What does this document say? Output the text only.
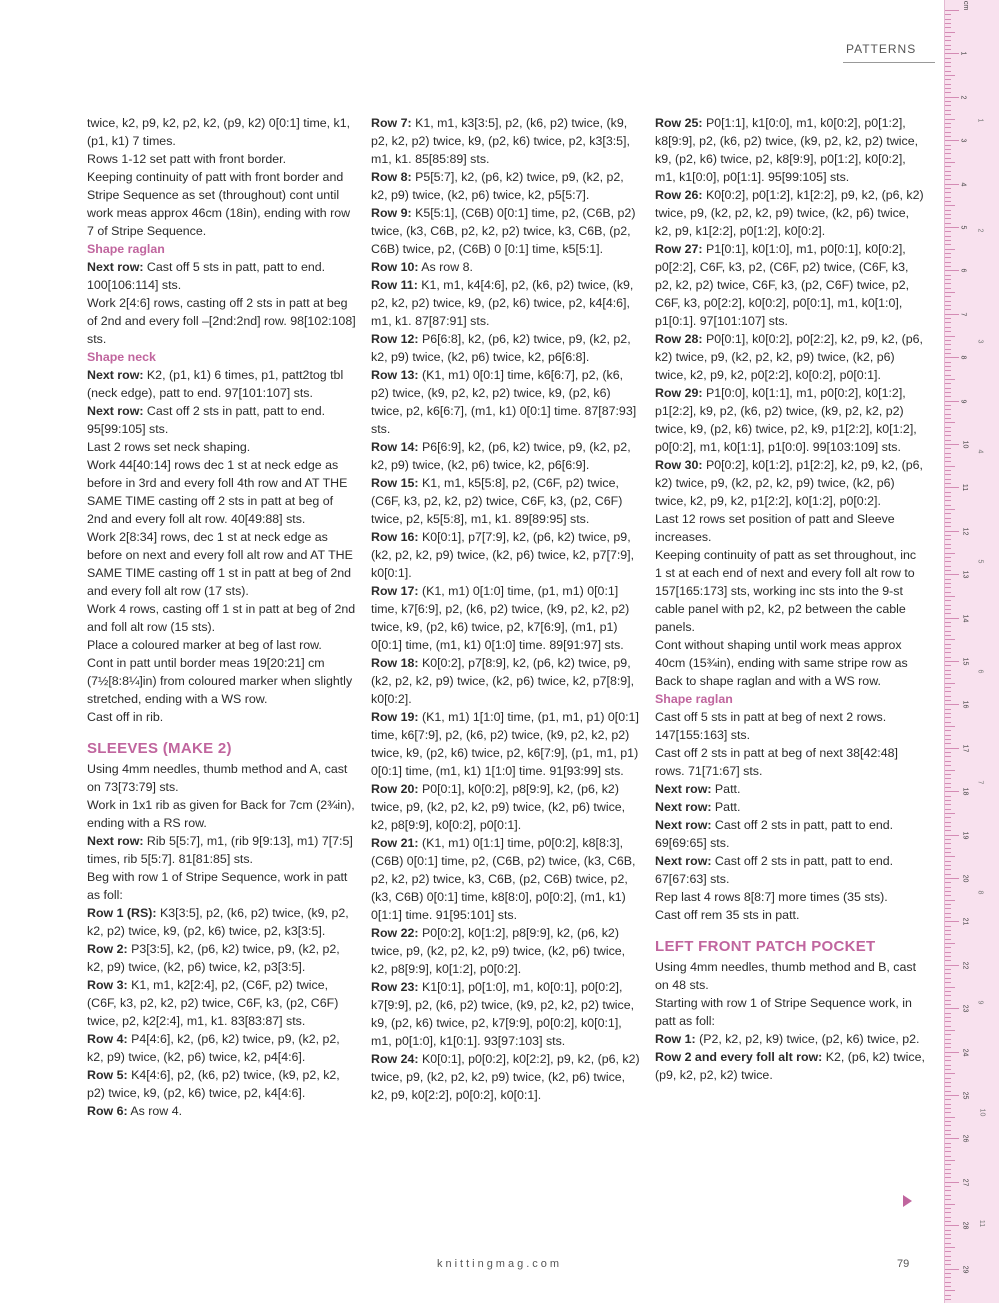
PATTERNS

twice, k2, p9, k2, p2, k2, (p9, k2) 0[0:1] time, k1, (p1, k1) 7 times.

Rows 1-12 set patt with front border.

Keeping continuity of patt with front border and Stripe Sequence as set (throughout) cont until work meas approx 46cm (18in), ending with row 7 of Stripe Sequence.

Shape raglan

Next row: Cast off 5 sts in patt, patt to end. 100[106:114] sts.

Work 2[4:6] rows, casting off 2 sts in patt at beg of 2nd and every foll –[2nd:2nd] row. 98[102:108] sts.

Shape neck

Next row: K2, (p1, k1) 6 times, p1, patt2tog tbl (neck edge), patt to end. 97[101:107] sts.

Next row: Cast off 2 sts in patt, patt to end. 95[99:105] sts.

Last 2 rows set neck shaping.

Work 44[40:14] rows dec 1 st at neck edge as before in 3rd and every foll 4th row and AT THE SAME TIME casting off 2 sts in patt at beg of 2nd and every foll alt row. 40[49:88] sts.

Work 2[8:34] rows, dec 1 st at neck edge as before on next and every foll alt row and AT THE SAME TIME casting off 1 st in patt at beg of 2nd and every foll alt row (17 sts).

Work 4 rows, casting off 1 st in patt at beg of 2nd and foll alt row (15 sts).

Place a coloured marker at beg of last row.

Cont in patt until border meas 19[20:21] cm (7½[8:8¼]in) from coloured marker when slightly stretched, ending with a WS row.

Cast off in rib.

SLEEVES (MAKE 2)

Using 4mm needles, thumb method and A, cast on 73[73:79] sts.

Work in 1x1 rib as given for Back for 7cm (2¾in), ending with a RS row.

Next row: Rib 5[5:7], m1, (rib 9[9:13], m1) 7[7:5] times, rib 5[5:7]. 81[81:85] sts.

Beg with row 1 of Stripe Sequence, work in patt as foll:

Row 1 (RS): K3[3:5], p2, (k6, p2) twice, (k9, p2, k2, p2) twice, k9, (p2, k6) twice, p2, k3[3:5].

Row 2: P3[3:5], k2, (p6, k2) twice, p9, (k2, p2, k2, p9) twice, (k2, p6) twice, k2, p3[3:5].

Row 3: K1, m1, k2[2:4], p2, (C6F, p2) twice, (C6F, k3, p2, k2, p2) twice, C6F, k3, (p2, C6F) twice, p2, k2[2:4], m1, k1. 83[83:87] sts.

Row 4: P4[4:6], k2, (p6, k2) twice, p9, (k2, p2, k2, p9) twice, (k2, p6) twice, k2, p4[4:6].

Row 5: K4[4:6], p2, (k6, p2) twice, (k9, p2, k2, p2) twice, k9, (p2, k6) twice, p2, k4[4:6].

Row 6: As row 4.

Row 7: K1, m1, k3[3:5], p2, (k6, p2) twice, (k9, p2, k2, p2) twice, k9, (p2, k6) twice, p2, k3[3:5], m1, k1. 85[85:89] sts.

Row 8: P5[5:7], k2, (p6, k2) twice, p9, (k2, p2, k2, p9) twice, (k2, p6) twice, k2, p5[5:7].

Row 9: K5[5:1], (C6B) 0[0:1] time, p2, (C6B, p2) twice, (k3, C6B, p2, k2, p2) twice, k3, C6B, (p2, C6B) twice, p2, (C6B) 0 [0:1] time, k5[5:1].

Row 10: As row 8.

Row 11: K1, m1, k4[4:6], p2, (k6, p2) twice, (k9, p2, k2, p2) twice, k9, (p2, k6) twice, p2, k4[4:6], m1, k1. 87[87:91] sts.

Row 12: P6[6:8], k2, (p6, k2) twice, p9, (k2, p2, k2, p9) twice, (k2, p6) twice, k2, p6[6:8].

Row 13: (K1, m1) 0[0:1] time, k6[6:7], p2, (k6, p2) twice, (k9, p2, k2, p2) twice, k9, (p2, k6) twice, p2, k6[6:7], (m1, k1) 0[0:1] time. 87[87:93] sts.

Row 14: P6[6:9], k2, (p6, k2) twice, p9, (k2, p2, k2, p9) twice, (k2, p6) twice, k2, p6[6:9].

Row 15: K1, m1, k5[5:8], p2, (C6F, p2) twice, (C6F, k3, p2, k2, p2) twice, C6F, k3, (p2, C6F) twice, p2, k5[5:8], m1, k1. 89[89:95] sts.

Row 16: K0[0:1], p7[7:9], k2, (p6, k2) twice, p9, (k2, p2, k2, p9) twice, (k2, p6) twice, k2, p7[7:9], k0[0:1].

Row 17: (K1, m1) 0[1:0] time, (p1, m1) 0[0:1] time, k7[6:9], p2, (k6, p2) twice, (k9, p2, k2, p2) twice, k9, (p2, k6) twice, p2, k7[6:9], (m1, p1) 0[0:1] time, (m1, k1) 0[1:0] time. 89[91:97] sts.

Row 18: K0[0:2], p7[8:9], k2, (p6, k2) twice, p9, (k2, p2, k2, p9) twice, (k2, p6) twice, k2, p7[8:9], k0[0:2].

Row 19: (K1, m1) 1[1:0] time, (p1, m1, p1) 0[0:1] time, k6[7:9], p2, (k6, p2) twice, (k9, p2, k2, p2) twice, k9, (p2, k6) twice, p2, k6[7:9], (p1, m1, p1) 0[0:1] time, (m1, k1) 1[1:0] time. 91[93:99] sts.

Row 20: P0[0:1], k0[0:2], p8[9:9], k2, (p6, k2) twice, p9, (k2, p2, k2, p9) twice, (k2, p6) twice, k2, p8[9:9], k0[0:2], p0[0:1].

Row 21: (K1, m1) 0[1:1] time, p0[0:2], k8[8:3], (C6B) 0[0:1] time, p2, (C6B, p2) twice, (k3, C6B, p2, k2, p2) twice, k3, C6B, (p2, C6B) twice, p2, (k3, C6B) 0[0:1] time, k8[8:0], p0[0:2], (m1, k1) 0[1:1] time. 91[95:101] sts.

Row 22: P0[0:2], k0[1:2], p8[9:9], k2, (p6, k2) twice, p9, (k2, p2, k2, p9) twice, (k2, p6) twice, k2, p8[9:9], k0[1:2], p0[0:2].

Row 23: K1[0:1], p0[1:0], m1, k0[0:1], p0[0:2], k7[9:9], p2, (k6, p2) twice, (k9, p2, k2, p2) twice, k9, (p2, k6) twice, p2, k7[9:9], p0[0:2], k0[0:1], m1, p0[1:0], k1[0:1]. 93[97:103] sts.

Row 24: K0[0:1], p0[0:2], k0[2:2], p9, k2, (p6, k2) twice, p9, (k2, p2, k2, p9) twice, (k2, p6) twice, k2, p9, k0[2:2], p0[0:2], k0[0:1].

Row 25: P0[1:1], k1[0:0], m1, k0[0:2], p0[1:2], k8[9:9], p2, (k6, p2) twice, (k9, p2, k2, p2) twice, k9, (p2, k6) twice, p2, k8[9:9], p0[1:2], k0[0:2], m1, k1[0:0], p0[1:1]. 95[99:105] sts.

Row 26: K0[0:2], p0[1:2], k1[2:2], p9, k2, (p6, k2) twice, p9, (k2, p2, k2, p9) twice, (k2, p6) twice, k2, p9, k1[2:2], p0[1:2], k0[0:2].

Row 27: P1[0:1], k0[1:0], m1, p0[0:1], k0[0:2], p0[2:2], C6F, k3, p2, (C6F, p2) twice, (C6F, k3, p2, k2, p2) twice, C6F, k3, (p2, C6F) twice, p2, C6F, k3, p0[2:2], k0[0:2], p0[0:1], m1, k0[1:0], p1[0:1]. 97[101:107] sts.

Row 28: P0[0:1], k0[0:2], p0[2:2], k2, p9, k2, (p6, k2) twice, p9, (k2, p2, k2, p9) twice, (k2, p6) twice, k2, p9, k2, p0[2:2], k0[0:2], p0[0:1].

Row 29: P1[0:0], k0[1:1], m1, p0[0:2], k0[1:2], p1[2:2], k9, p2, (k6, p2) twice, (k9, p2, k2, p2) twice, k9, (p2, k6) twice, p2, k9, p1[2:2], k0[1:2], p0[0:2], m1, k0[1:1], p1[0:0]. 99[103:109] sts.

Row 30: P0[0:2], k0[1:2], p1[2:2], k2, p9, k2, (p6, k2) twice, p9, (k2, p2, k2, p9) twice, (k2, p6) twice, k2, p9, k2, p1[2:2], k0[1:2], p0[0:2].

Last 12 rows set position of patt and Sleeve increases.

Keeping continuity of patt as set throughout, inc 1 st at each end of next and every foll alt row to 157[165:173] sts, working inc sts into the 9-st cable panel with p2, k2, p2 between the cable panels.

Cont without shaping until work meas approx 40cm (15¾in), ending with same stripe row as Back to shape raglan and with a WS row.

Shape raglan

Cast off 5 sts in patt at beg of next 2 rows. 147[155:163] sts.

Cast off 2 sts in patt at beg of next 38[42:48] rows. 71[71:67] sts.

Next row: Patt.

Next row: Patt.

Next row: Cast off 2 sts in patt, patt to end. 69[69:65] sts.

Next row: Cast off 2 sts in patt, patt to end. 67[67:63] sts.

Rep last 4 rows 8[8:7] more times (35 sts).

Cast off rem 35 sts in patt.

LEFT FRONT PATCH POCKET

Using 4mm needles, thumb method and B, cast on 48 sts.

Starting with row 1 of Stripe Sequence work, in patt as foll:

Row 1: (P2, k2, p2, k9) twice, (p2, k6) twice, p2.

Row 2 and every foll alt row: K2, (p6, k2) twice, (p9, k2, p2, k2) twice.

knittingmag.com	79
cm
1
2
3
4
5
6
7
8
9
10
11
12
13
14
15
16
17
18
19
20
21
22
23
24
25
26
27
28
29
1
2
3
4
5
6
7
8
9
10
11
